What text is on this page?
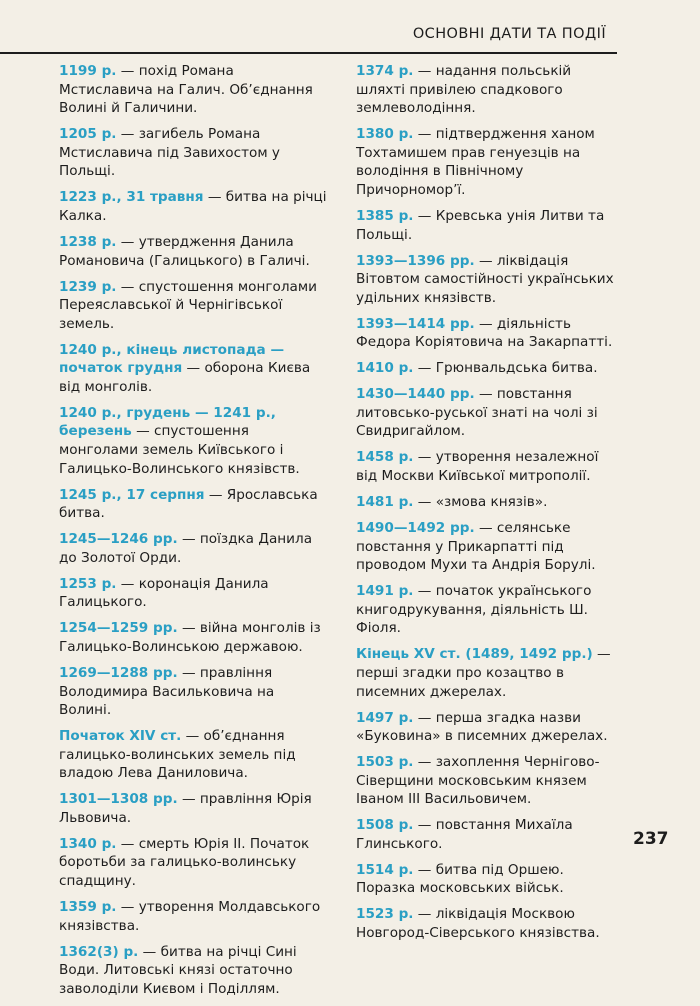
ОСНОВНІ ДАТИ ТА ПОДІЇ

1199 р. — похід Романа Мстиславича на Галич. Об’єднання Волині й Галичини.

1205 р. — загибель Романа Мстиславича під Завихостом у Польщі.

1223 р., 31 травня — битва на річці Калка.

1238 р. — утвердження Данила Романовича (Галицького) в Галичі.

1239 р. — спустошення монголами Переяславської й Чернігівської земель.

1240 р., кінець листопада — початок грудня — оборона Києва від монголів.

1240 р., грудень — 1241 р., березень — спустошення монголами земель Київського і Галицько-Волинського князівств.

1245 р., 17 серпня — Ярославська битва.

1245—1246 рр. — поїздка Данила до Золотої Орди.

1253 р. — коронація Данила Галицького.

1254—1259 рр. — війна монголів із Галицько-Волинською державою.

1269—1288 рр. — правління Володимира Васильковича на Волині.

Початок XIV ст. — об’єднання галицько-волинських земель під владою Лева Даниловича.

1301—1308 рр. — правління Юрія Львовича.

1340 р. — смерть Юрія II. Початок боротьби за галицько-волинську спадщину.

1359 р. — утворення Молдавського князівства.

1362(3) р. — битва на річці Сині Води. Литовські князі остаточно заволоділи Києвом і Поділлям.

1374 р. — надання польській шляхті привілею спадкового землеволодіння.

1380 р. — підтвердження ханом Тохтамишем прав генуезців на володіння в Північному Причорномор’ї.

1385 р. — Кревська унія Литви та Польщі.

1393—1396 рр. — ліквідація Вітовтом самостійності українських удільних князівств.

1393—1414 рр. — діяльність Федора Коріятовича на Закарпатті.

1410 р. — Грюнвальдська битва.

1430—1440 рр. — повстання литовсько-руської знаті на чолі зі Свидригайлом.

1458 р. — утворення незалежної від Москви Київської митрополії.

1481 р. — «змова князів».

1490—1492 рр. — селянське повстання у Прикарпатті під проводом Мухи та Андрія Борулі.

1491 р. — початок українського книгодрукування, діяльність Ш. Фіоля.

Кінець XV ст. (1489, 1492 рр.) — перші згадки про козацтво в писемних джерелах.

1497 р. — перша згадка назви «Буковина» в писемних джерелах.

1503 р. — захоплення Чернігово-Сіверщини московським князем Іваном III Васильовичем.

1508 р. — повстання Михаїла Глинського.

1514 р. — битва під Оршею. Поразка московських військ.

1523 р. — ліквідація Москвою Новгород-Сіверського князівства.

237
